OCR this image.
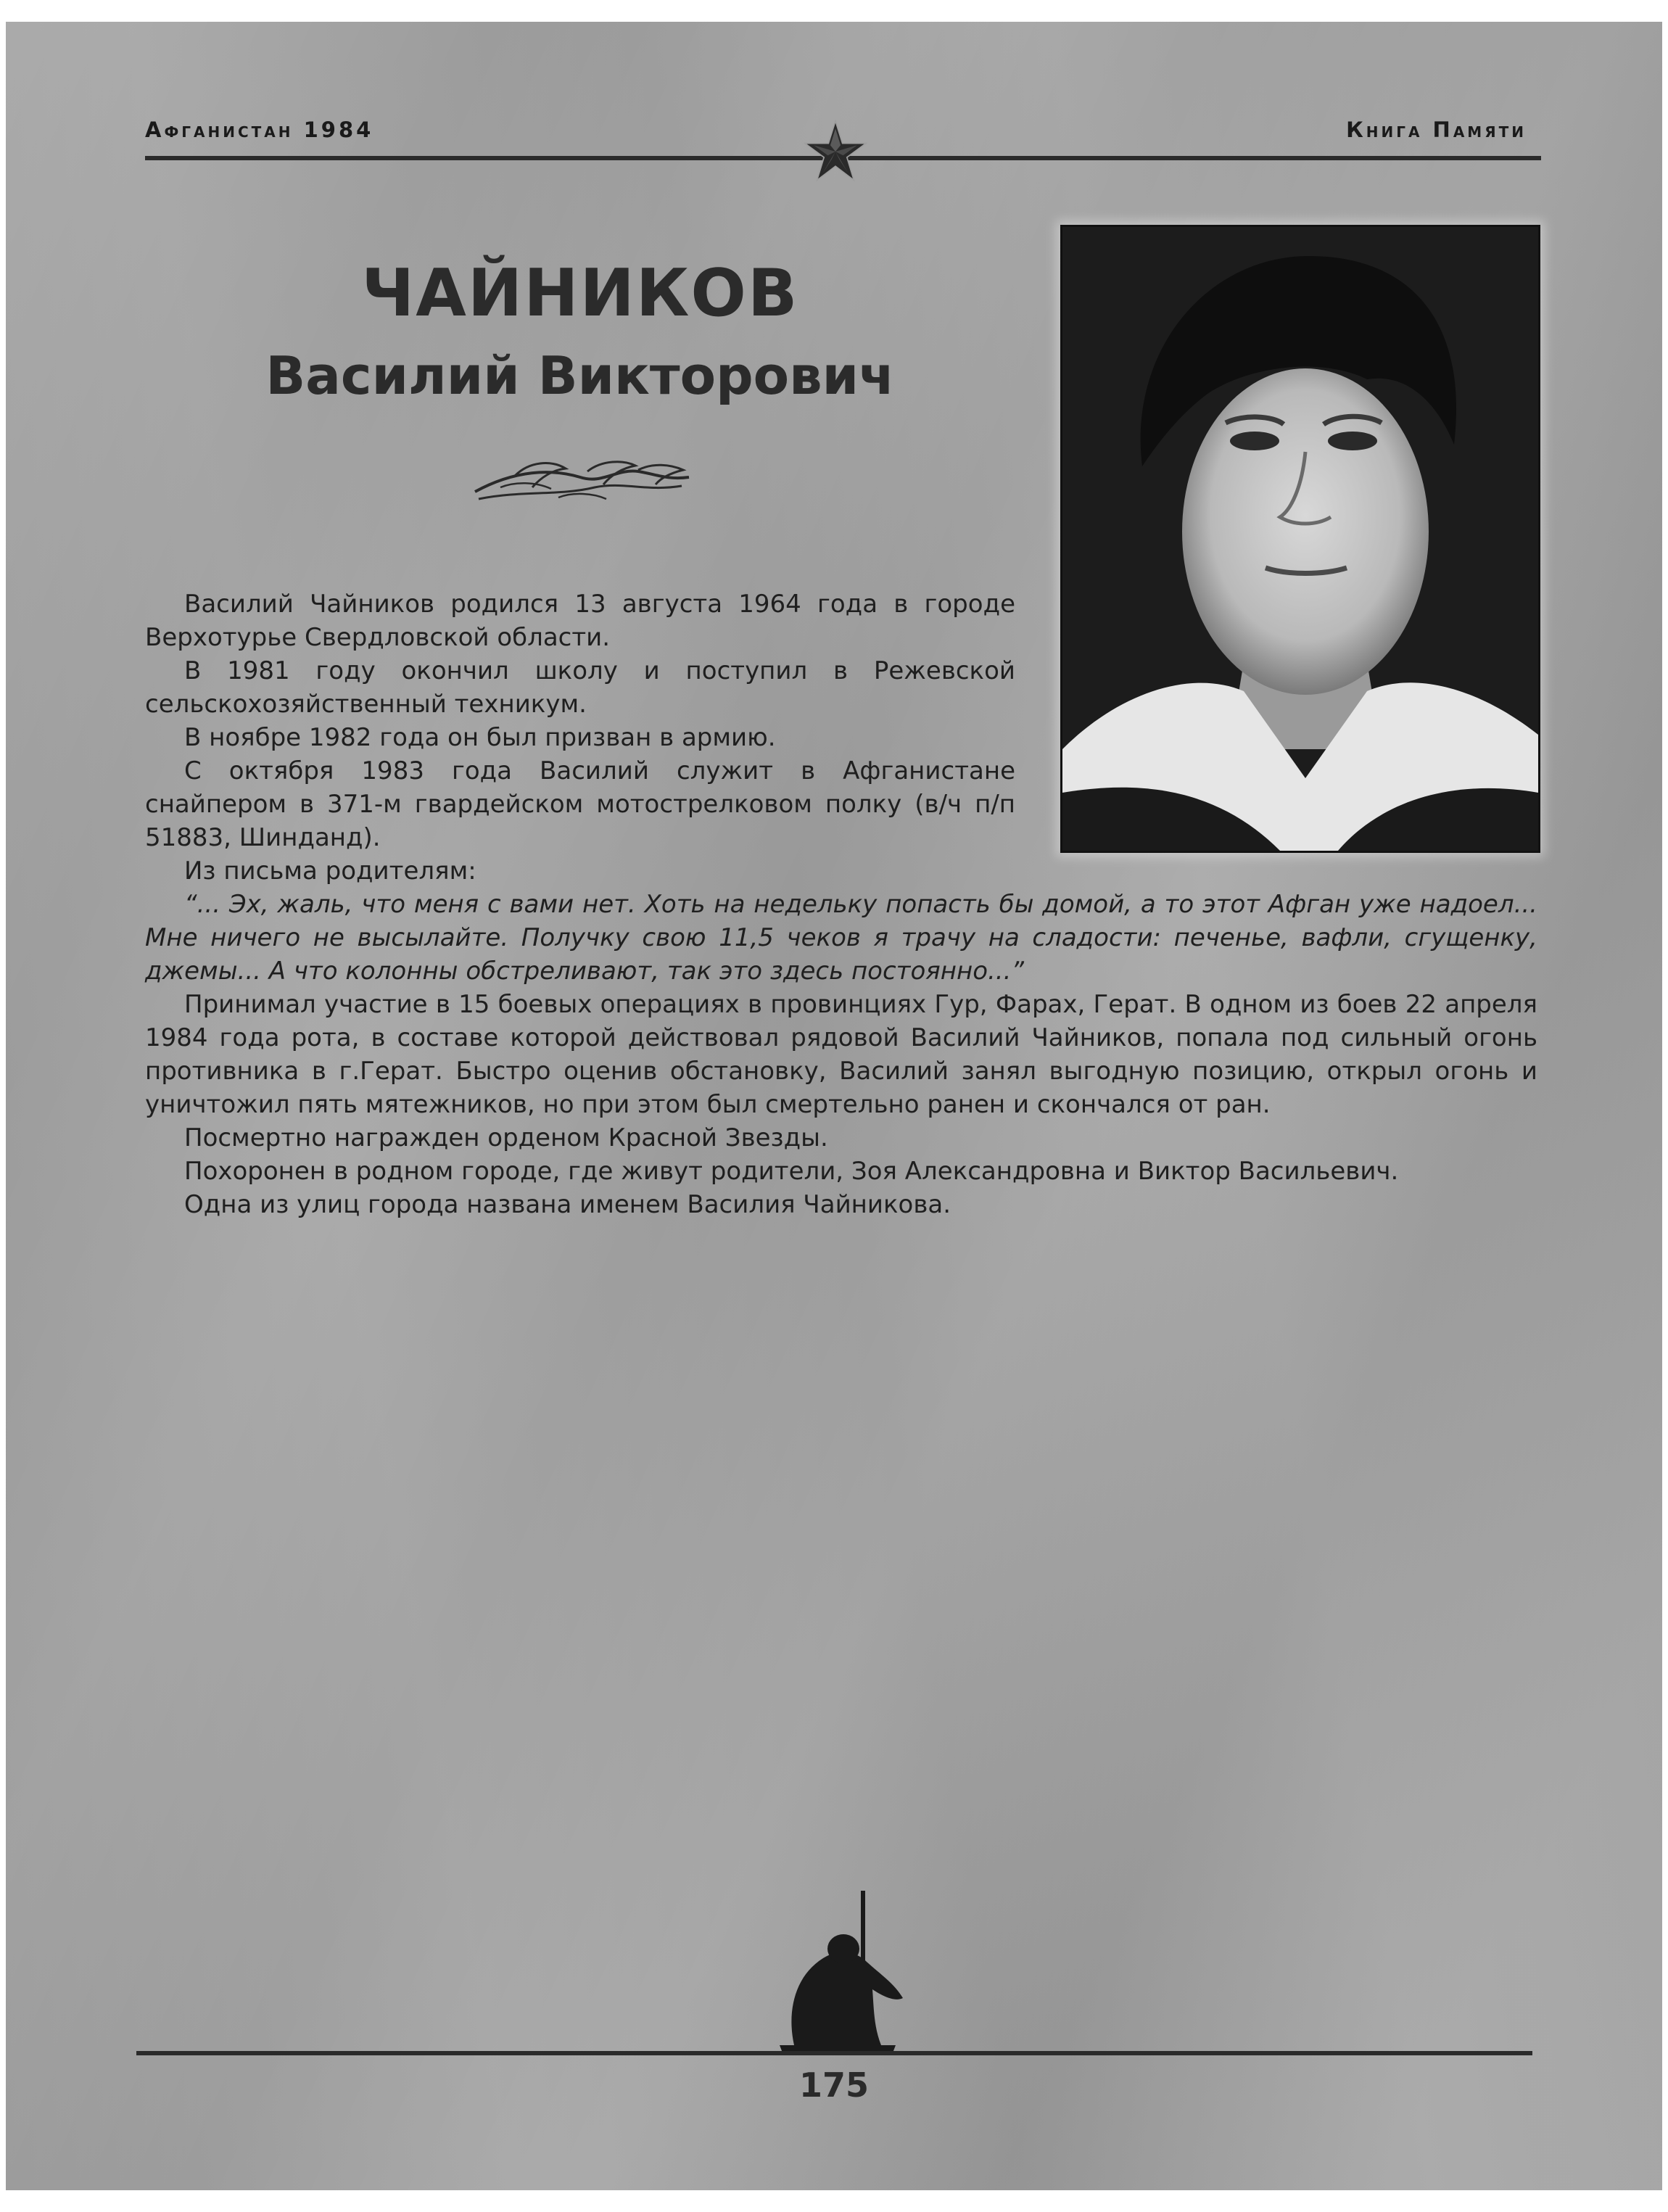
Афганистан 1984	Книга Памяти
ЧАЙНИКОВ
Василий Викторович

Василий Чайников родился 13 августа 1964 года в городе Верхотурье Свердловской области.

В 1981 году окончил школу и поступил в Режевской сельскохозяйственный техникум.

В ноябре 1982 года он был призван в армию.

С октября 1983 года Василий служит в Афганистане снайпером в 371-м гвардейском мотострелковом полку (в/ч п/п 51883, Шинданд).

Из письма родителям:

“... Эх, жаль, что меня с вами нет. Хоть на недельку попасть бы домой, а то этот Афган уже надоел... Мне ничего не высылайте. Получку свою 11,5 чеков я трачу на сладости: печенье, вафли, сгущенку, джемы... А что колонны обстреливают, так это здесь постоянно...”

Принимал участие в 15 боевых операциях в провинциях Гур, Фарах, Герат. В одном из боев 22 апреля 1984 года рота, в составе которой действовал рядовой Василий Чайников, попала под сильный огонь противника в г.Герат. Быстро оценив обстановку, Василий занял выгодную позицию, открыл огонь и уничтожил пять мятежников, но при этом был смертельно ранен и скончался от ран.

Посмертно награжден орденом Красной Звезды.

Похоронен в родном городе, где живут родители, Зоя Александровна и Виктор Васильевич.

Одна из улиц города названа именем Василия Чайникова.

175
